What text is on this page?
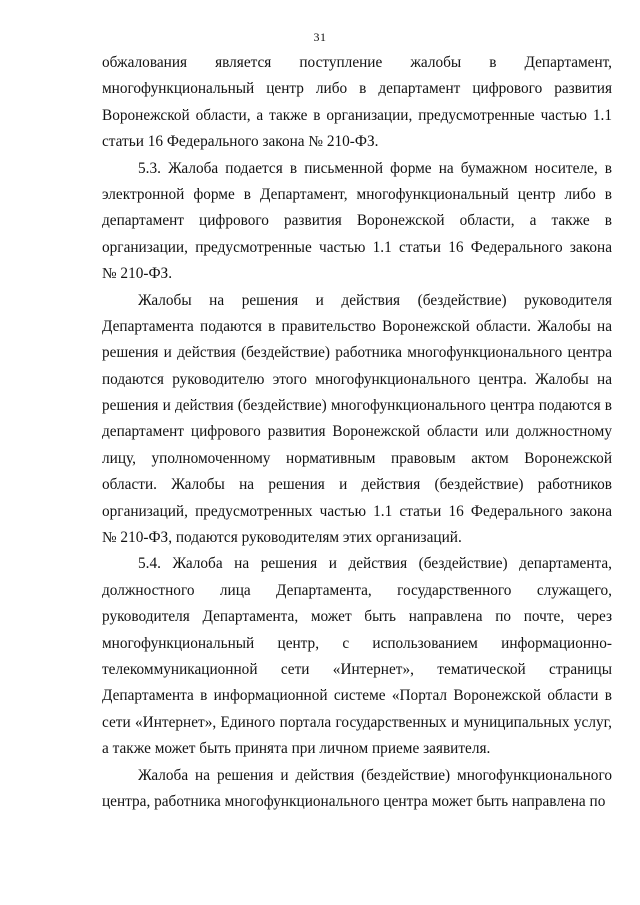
31
обжалования является поступление жалобы в Департамент,
многофункциональный центр либо в департамент цифрового развития
Воронежской области, а также в организации, предусмотренные частью 1.1
статьи 16 Федерального закона № 210-ФЗ.
5.3. Жалоба подается в письменной форме на бумажном носителе, в
электронной форме в Департамент, многофункциональный центр либо в
департамент цифрового развития Воронежской области, а также в
организации, предусмотренные частью 1.1 статьи 16 Федерального закона
№ 210-ФЗ.
Жалобы на решения и действия (бездействие) руководителя
Департамента подаются в правительство Воронежской области. Жалобы на
решения и действия (бездействие) работника многофункционального центра
подаются руководителю этого многофункционального центра. Жалобы на
решения и действия (бездействие) многофункционального центра подаются в
департамент цифрового развития Воронежской области или должностному
лицу, уполномоченному нормативным правовым актом Воронежской
области. Жалобы на решения и действия (бездействие) работников
организаций, предусмотренных частью 1.1 статьи 16 Федерального закона
№ 210-ФЗ, подаются руководителям этих организаций.
5.4. Жалоба на решения и действия (бездействие) департамента,
должностного лица Департамента, государственного служащего,
руководителя Департамента, может быть направлена по почте, через
многофункциональный центр, с использованием информационно-
телекоммуникационной сети «Интернет», тематической страницы
Департамента в информационной системе «Портал Воронежской области в
сети «Интернет», Единого портала государственных и муниципальных услуг,
а также может быть принята при личном приеме заявителя.
Жалоба на решения и действия (бездействие) многофункционального
центра, работника многофункционального центра может быть направлена по
